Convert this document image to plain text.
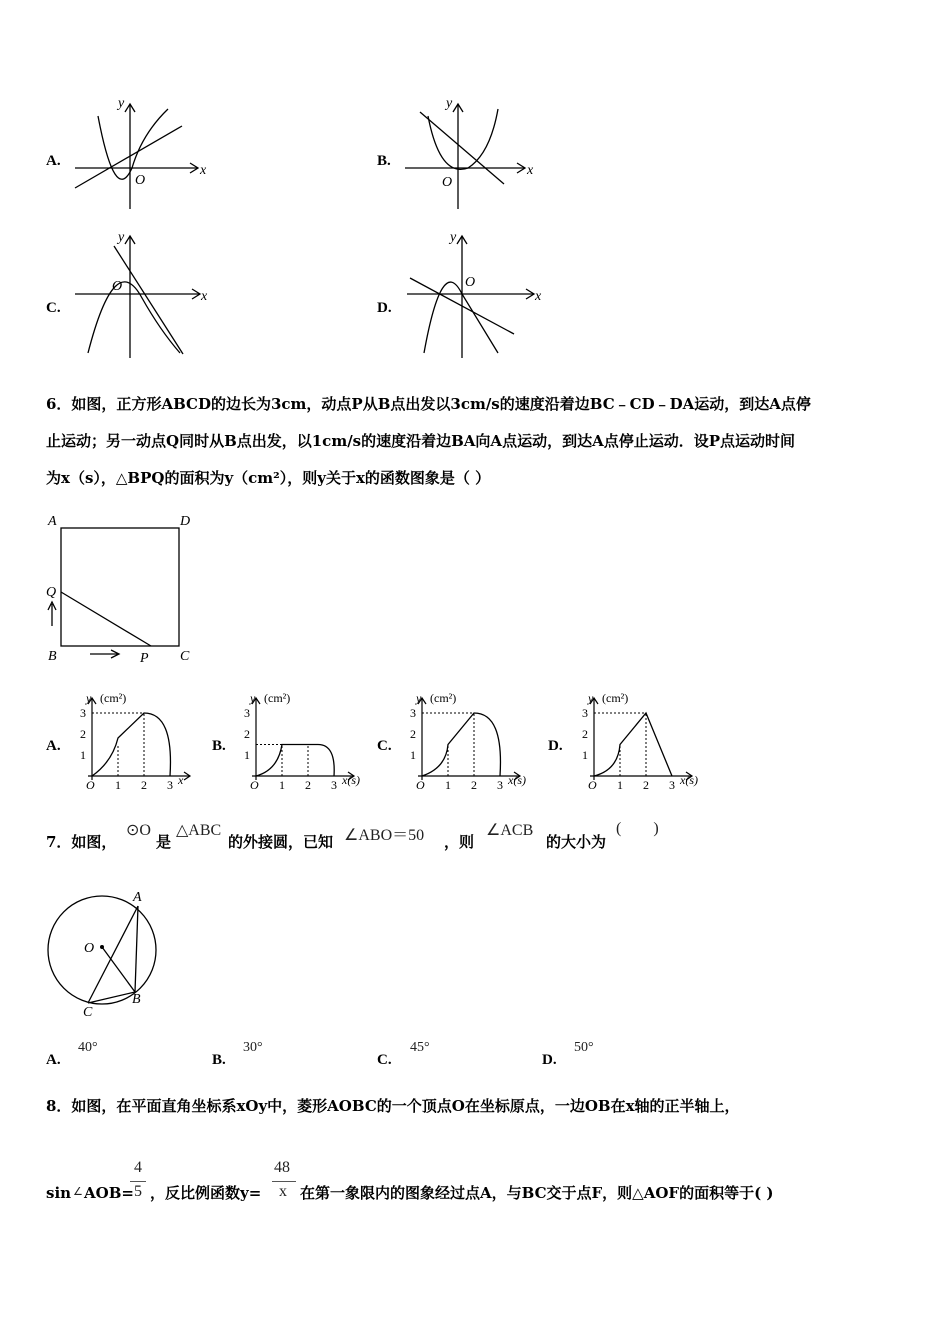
A.
x
y
O
B.
x
y
O
C.
x
y
O
D.
x
y
O
6．如图，正方形ABCD的边长为3cm，动点P从B点出发以3cm/s的速度沿着边BC﹣CD﹣DA运动，到达A点停
止运动；另一动点Q同时从B点出发，以1cm/s的速度沿着边BA向A点运动，到达A点停止运动．设P点运动时间
为x（s），△BPQ的面积为y（cm²），则y关于x的函数图象是（ ）
A	D
Q
B	P C
A.
O 1 2 3
1
2
3
y (cm²)
x
B.
O 1 2 3
1
2
3
y (cm²)
x(s)
C.
O 1 2 3
1
2
3
y (cm²)
x(s)
D.
O 1 2 3
1
2
3
y (cm²)
x(s)
7．如图，
⊙O
是
△ABC
的外接圆，已知 ∠ABO＝50 ，则
∠ACB
的大小为
(        )
A
O
C
B
A.
40°
B.
30°
C.
45°
D.
50°
8．如图，在平面直角坐标系xOy中，菱形AOBC的一个顶点O在坐标原点，一边OB在x轴的正半轴上，
sin ∠ AOB=
4
5 ，反比例函数y=
48
x 在第一象限内的图象经过点A，与BC交于点F，则△AOF的面积等于( )
